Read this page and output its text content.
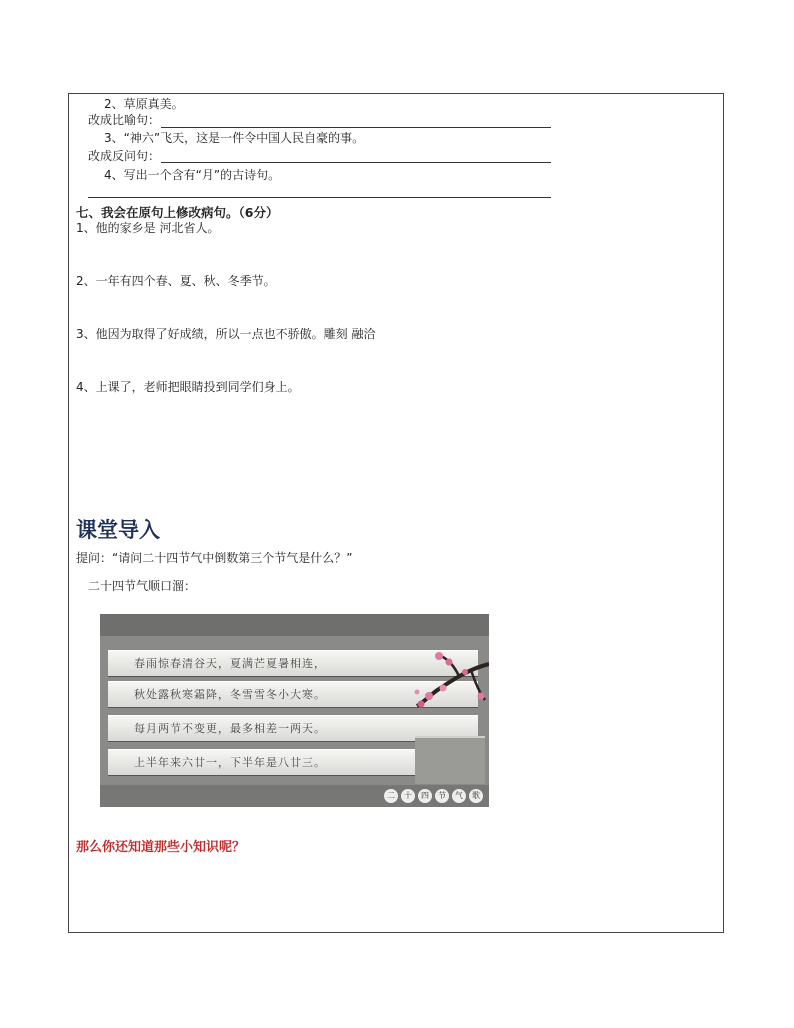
2、草原真美。
改成比喻句：
3、“神六”飞天，这是一件令中国人民自豪的事。
改成反问句：
4、写出一个含有“月”的古诗句。
七、我会在原句上修改病句。（6分）
1、他的家乡是 河北省人。
2、一年有四个春、夏、秋、冬季节。
3、他因为取得了好成绩，所以一点也不骄傲。雕刻 融洽
4、上课了，老师把眼睛投到同学们身上。
课堂导入
提问：“请问二十四节气中倒数第三个节气是什么？”
二十四节气顺口溜：
春雨惊春清谷天，夏满芒夏暑相连，
秋处露秋寒霜降，冬雪雪冬小大寒。
每月两节不变更，最多相差一两天。
上半年来六廿一，下半年是八廿三。
二	十	四	节	气	歌
那么你还知道那些小知识呢？
